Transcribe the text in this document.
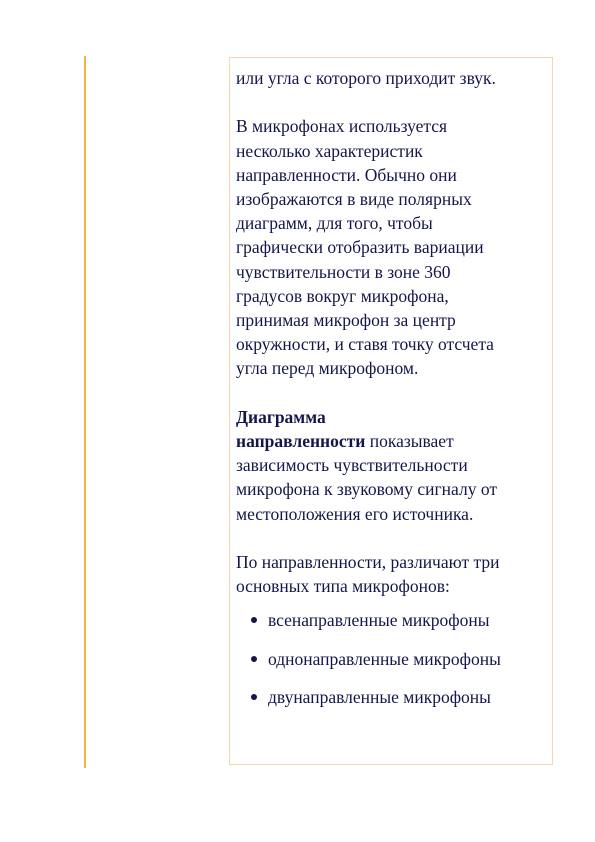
или угла с которого приходит звук.

В микрофонах используется

несколько характеристик

направленности. Обычно они

изображаются в виде полярных

диаграмм, для того, чтобы

графически отобразить вариации

чувствительности в зоне 360

градусов вокруг микрофона,

принимая микрофон за центр

окружности, и ставя точку отсчета

угла перед микрофоном.

Диаграмма

направленности показывает

зависимость чувствительности

микрофона к звуковому сигналу от

местоположения его источника.

По направленности, различают три

основных типа микрофонов:

всенаправленные микрофоны
однонаправленные микрофоны
двунаправленные микрофоны
